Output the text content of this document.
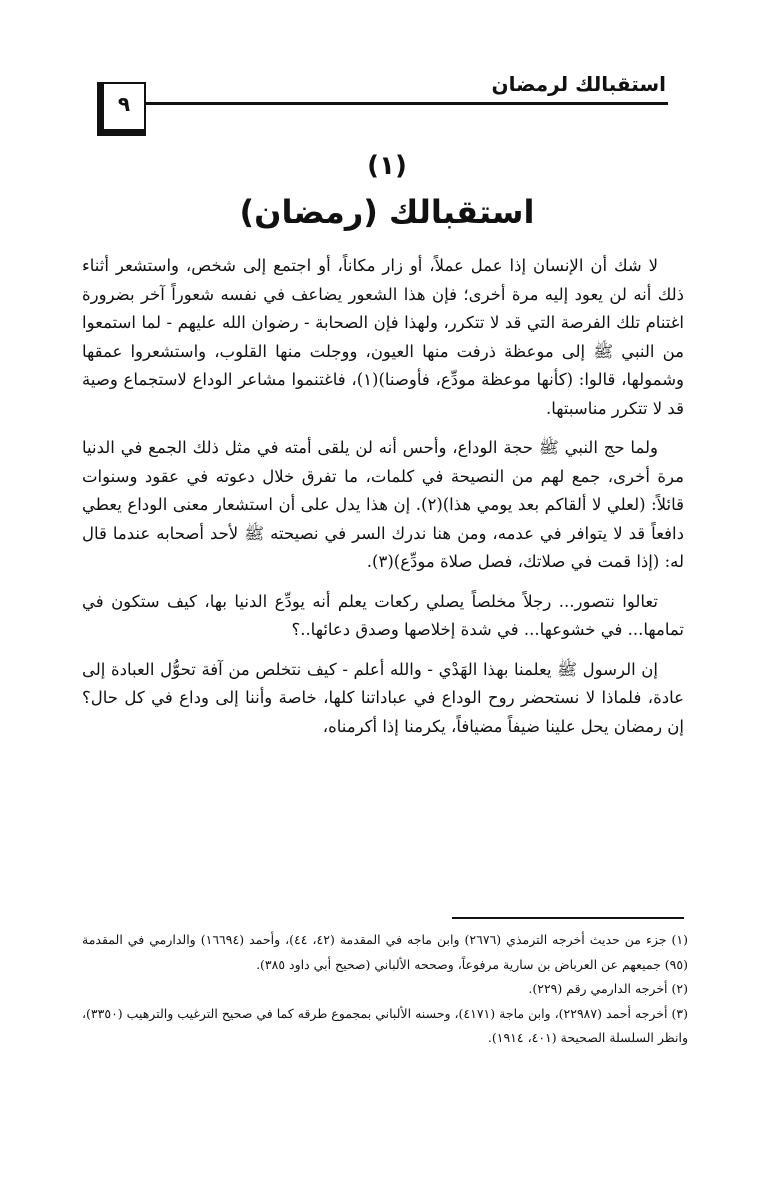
استقبالك لرمضان
٩
(١)
استقبالك (رمضان)

لا شك أن الإنسان إذا عمل عملاً، أو زار مكاناً، أو اجتمع إلى شخص، واستشعر أثناء ذلك أنه لن يعود إليه مرة أخرى؛ فإن هذا الشعور يضاعف في نفسه شعوراً آخر بضرورة اغتنام تلك الفرصة التي قد لا تتكرر، ولهذا فإن الصحابة - رضوان الله عليهم - لما استمعوا من النبي ﷺ إلى موعظة ذرفت منها العيون، ووجلت منها القلوب، واستشعروا عمقها وشمولها، قالوا: (كأنها موعظة مودِّع، فأوصنا)(١)، فاغتنموا مشاعر الوداع لاستجماع وصية قد لا تتكرر مناسبتها.

ولما حج النبي ﷺ حجة الوداع، وأحس أنه لن يلقى أمته في مثل ذلك الجمع في الدنيا مرة أخرى، جمع لهم من النصيحة في كلمات، ما تفرق خلال دعوته في عقود وسنوات قائلاً: (لعلي لا ألقاكم بعد يومي هذا)(٢). إن هذا يدل على أن استشعار معنى الوداع يعطي دافعاً قد لا يتوافر في عدمه، ومن هنا ندرك السر في نصيحته ﷺ لأحد أصحابه عندما قال له: (إذا قمت في صلاتك، فصل صلاة مودِّع)(٣).

تعالوا نتصور... رجلاً مخلصاً يصلي ركعات يعلم أنه يودِّع الدنيا بها، كيف ستكون في تمامها... في خشوعها... في شدة إخلاصها وصدق دعائها..؟

إن الرسول ﷺ يعلمنا بهذا الهَدْي - والله أعلم - كيف نتخلص من آفة تحوُّل العبادة إلى عادة، فلماذا لا نستحضر روح الوداع في عباداتنا كلها، خاصة وأننا إلى وداع في كل حال؟ إن رمضان يحل علينا ضيفاً مضيافاً، يكرمنا إذا أكرمناه،

(١) جزء من حديث أخرجه الترمذي (٢٦٧٦) وابن ماجه في المقدمة (٤٢، ٤٤)، وأحمد (١٦٦٩٤) والدارمي في المقدمة (٩٥) جميعهم عن العرباض بن سارية مرفوعاً، وصححه الألباني (صحيح أبي داود ٣٨٥).

(٢) أخرجه الدارمي رقم (٢٢٩).

(٣) أخرجه أحمد (٢٢٩٨٧)، وابن ماجة (٤١٧١)، وحسنه الألباني بمجموع طرقه كما في صحيح الترغيب والترهيب (٣٣٥٠)، وانظر السلسلة الصحيحة (٤٠١، ١٩١٤).
